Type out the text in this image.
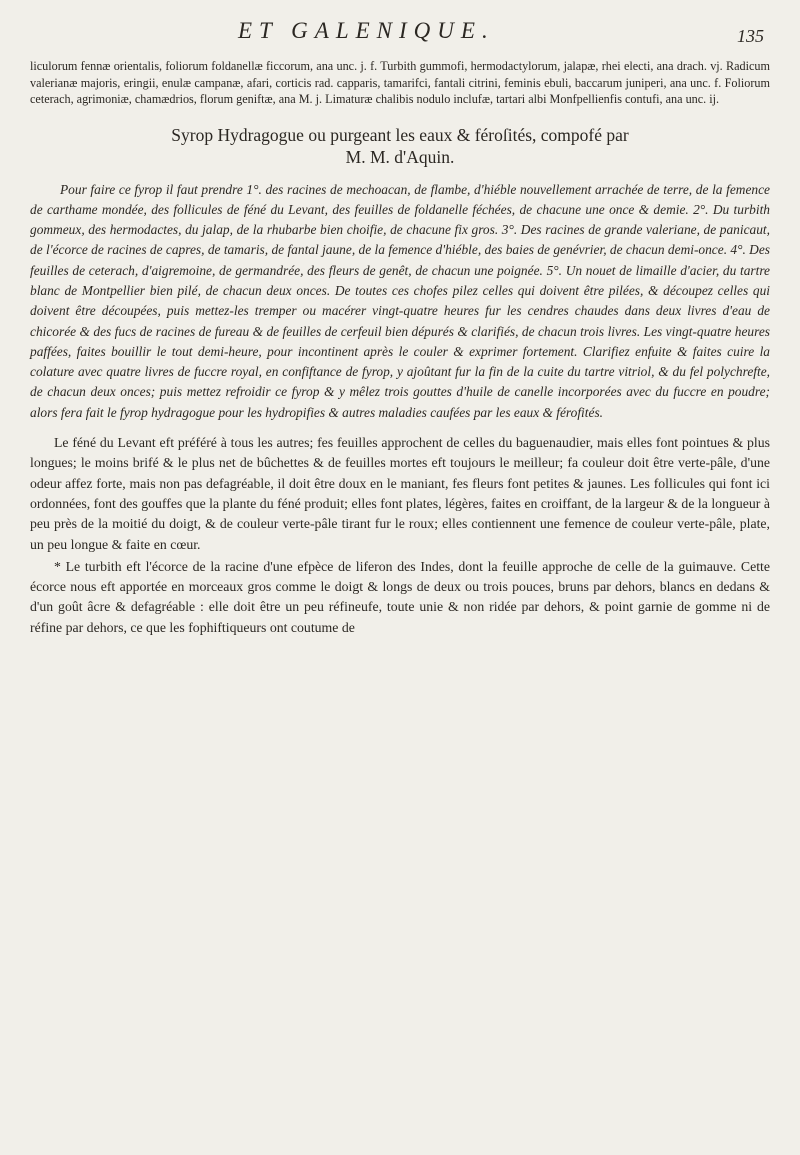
ET GALENIQUE.	135

liculorum fennæ orientalis, foliorum foldanellæ ficcorum, ana unc. j. f. Turbith gummofi, hermodactylorum, jalapæ, rhei electi, ana drach. vj. Radicum valerianæ majoris, eringii, enulæ campanæ, afari, corticis rad. capparis, tamarifci, fantali citrini, feminis ebuli, baccarum juniperi, ana unc. f. Foliorum ceterach, agrimoniæ, chamædrios, florum geniftæ, ana M. j. Limaturæ chalibis nodulo inclufæ, tartari albi Monfpellienfis contufi, ana unc. ij.

Syrop Hydragogue ou purgeant les eaux & féroſités, compofé par
M. M. d'Aquin.

Pour faire ce fyrop il faut prendre 1°. des racines de mechoacan, de flambe, d'hiéble nouvellement arrachée de terre, de la femence de carthame mondée, des follicules de féné du Levant, des feuilles de foldanelle féchées, de chacune une once & demie. 2°. Du turbith gommeux, des hermodactes, du jalap, de la rhubarbe bien choifie, de chacune fix gros. 3°. Des racines de grande valeriane, de panicaut, de l'écorce de racines de capres, de tamaris, de fantal jaune, de la femence d'hiéble, des baies de genévrier, de chacun demi-once. 4°. Des feuilles de ceterach, d'aigremoine, de germandrée, des fleurs de genêt, de chacun une poignée. 5°. Un nouet de limaille d'acier, du tartre blanc de Montpellier bien pilé, de chacun deux onces. De toutes ces chofes pilez celles qui doivent être pilées, & découpez celles qui doivent être découpées, puis mettez-les tremper ou macérer vingt-quatre heures fur les cendres chaudes dans deux livres d'eau de chicorée & des fucs de racines de fureau & de feuilles de cerfeuil bien dépurés & clarifiés, de chacun trois livres. Les vingt-quatre heures paffées, faites bouillir le tout demi-heure, pour incontinent après le couler & exprimer fortement. Clarifiez enfuite & faites cuire la colature avec quatre livres de fuccre royal, en confiftance de fyrop, y ajoûtant fur la fin de la cuite du tartre vitriol, & du fel polychrefte, de chacun deux onces; puis mettez refroidir ce fyrop & y mêlez trois gouttes d'huile de canelle incorporées avec du fuccre en poudre; alors fera fait le fyrop hydragogue pour les hydropifies & autres maladies caufées par les eaux & férofités.

Le féné du Levant eft préféré à tous les autres; fes feuilles approchent de celles du baguenaudier, mais elles font pointues & plus longues; le moins brifé & le plus net de bûchettes & de feuilles mortes eft toujours le meilleur; fa couleur doit être verte-pâle, d'une odeur affez forte, mais non pas defagréable, il doit être doux en le maniant, fes fleurs font petites & jaunes. Les follicules qui font ici ordonnées, font des gouffes que la plante du féné produit; elles font plates, légères, faites en croiffant, de la largeur & de la longueur à peu près de la moitié du doigt, & de couleur verte-pâle tirant fur le roux; elles contiennent une femence de couleur verte-pâle, plate, un peu longue & faite en cœur.

* Le turbith eft l'écorce de la racine d'une efpèce de liferon des Indes, dont la feuille approche de celle de la guimauve. Cette écorce nous eft apportée en morceaux gros comme le doigt & longs de deux ou trois pouces, bruns par dehors, blancs en dedans & d'un goût âcre & defagréable : elle doit être un peu réfineufe, toute unie & non ridée par dehors, & point garnie de gomme ni de réfine par dehors, ce que les fophiftiqueurs ont coutume de
